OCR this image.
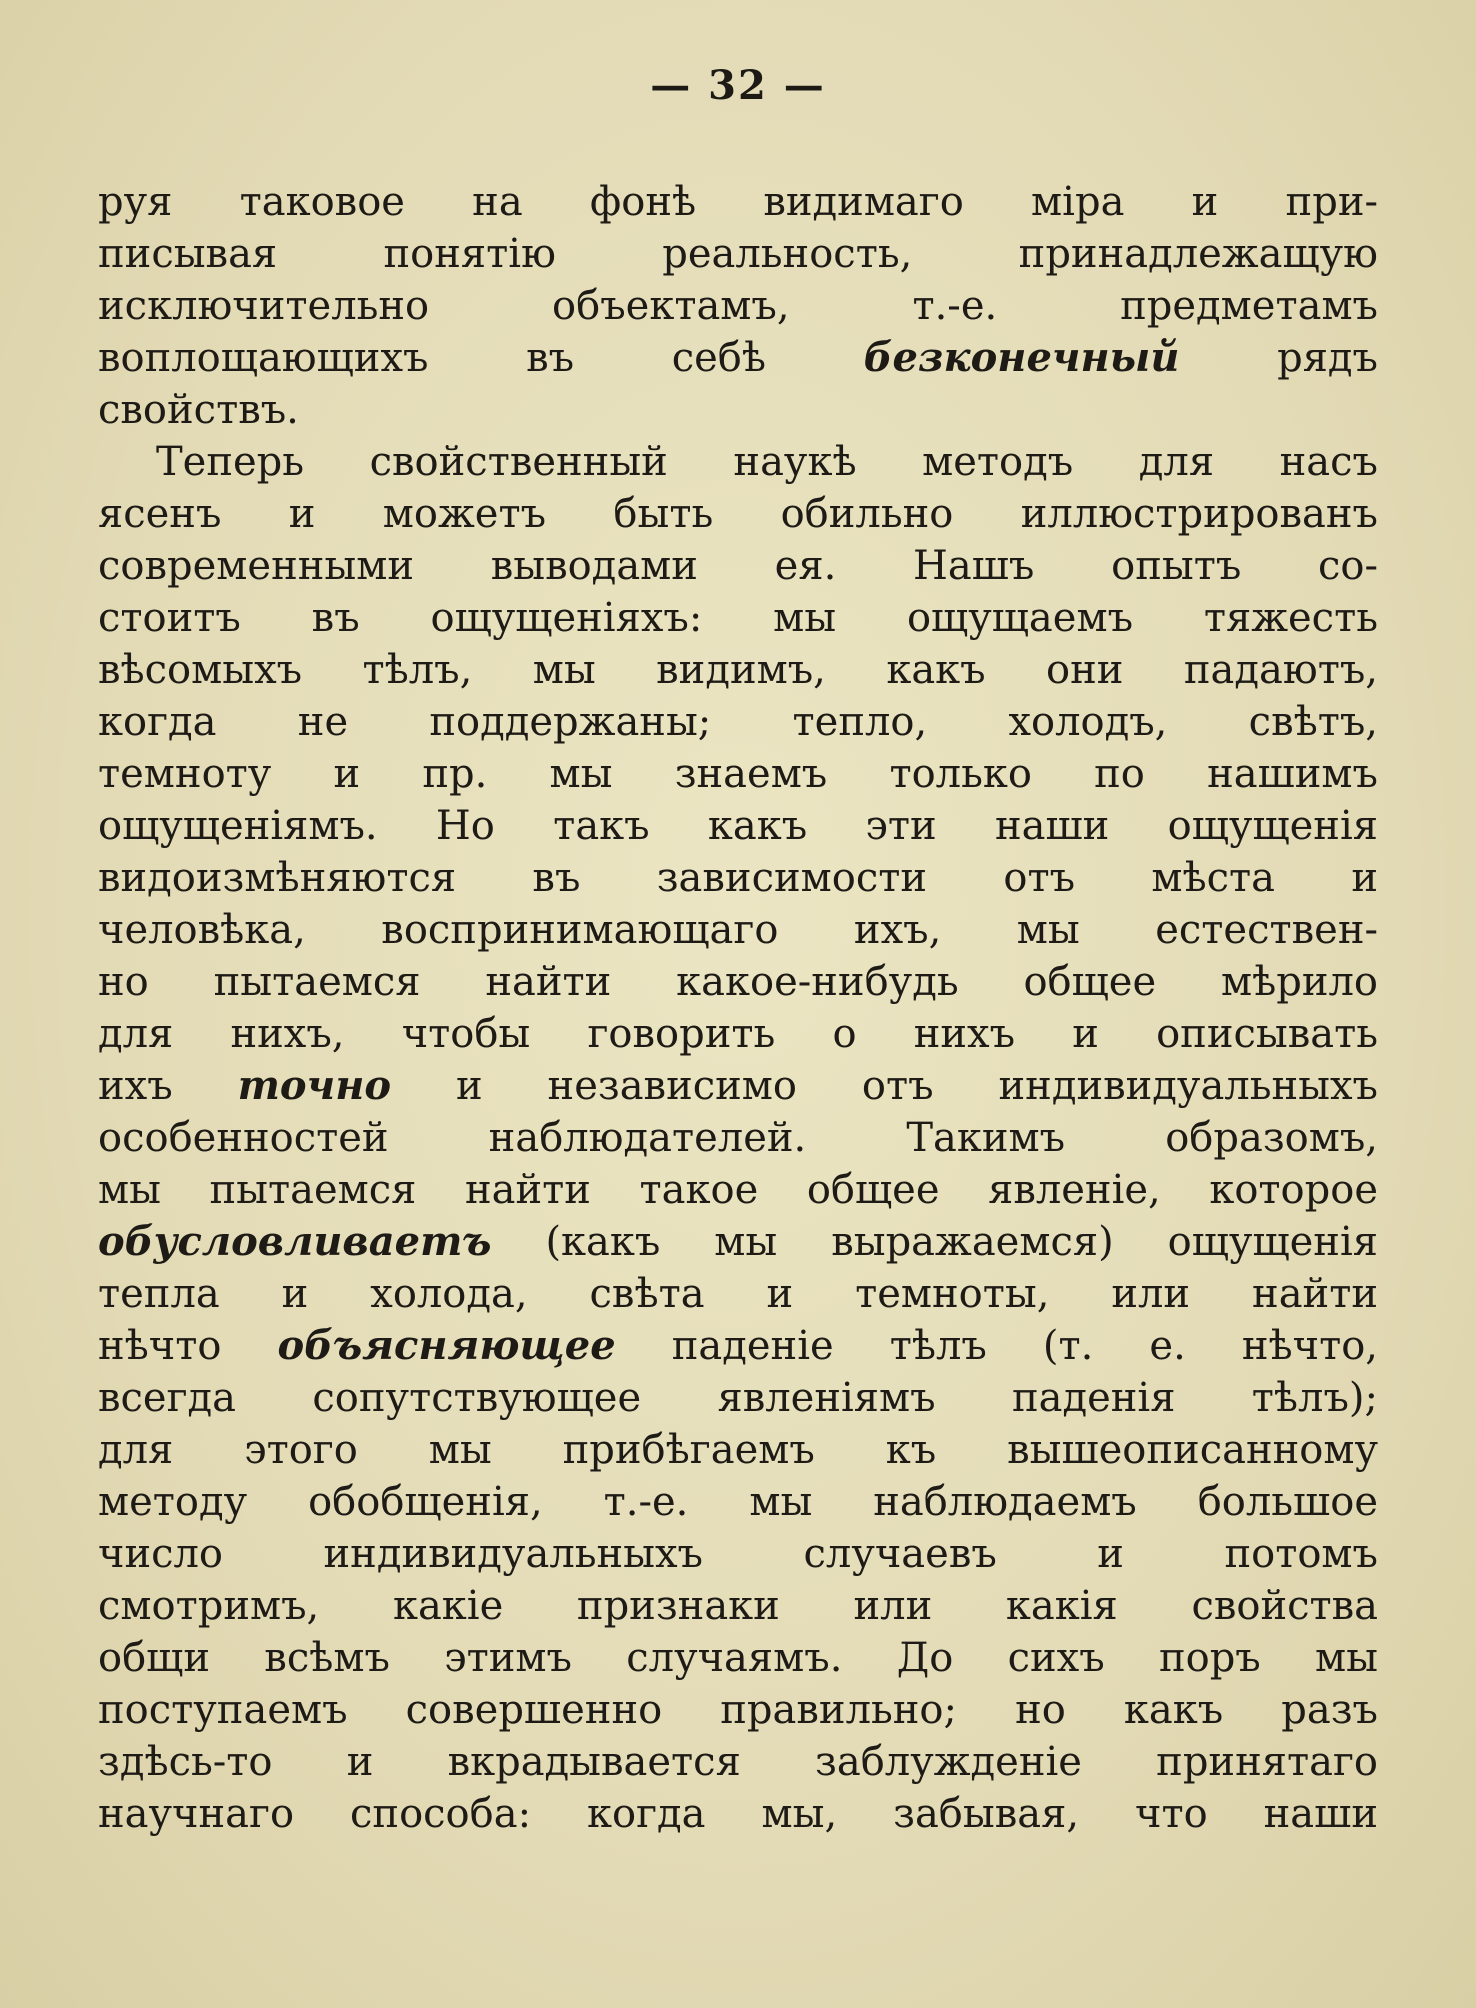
— 32 —
руя таковое на фонѣ видимаго міра и при-
писывая понятію реальность, принадлежащую
исключительно объектамъ, т.-е. предметамъ
воплощающихъ въ себѣ безконечный рядъ
свойствъ.
Теперь свойственный наукѣ методъ для насъ
ясенъ и можетъ быть обильно иллюстрированъ
современными выводами ея. Нашъ опытъ со-
стоитъ въ ощущеніяхъ: мы ощущаемъ тяжесть
вѣсомыхъ тѣлъ, мы видимъ, какъ они падаютъ,
когда не поддержаны; тепло, холодъ, свѣтъ,
темноту и пр. мы знаемъ только по нашимъ
ощущеніямъ. Но такъ какъ эти наши ощущенія
видоизмѣняются въ зависимости отъ мѣста и
человѣка, воспринимающаго ихъ, мы естествен-
но пытаемся найти какое-нибудь общее мѣрило
для нихъ, чтобы говорить о нихъ и описывать
ихъ точно и независимо отъ индивидуальныхъ
особенностей наблюдателей. Такимъ образомъ,
мы пытаемся найти такое общее явленіе, которое
обусловливаетъ (какъ мы выражаемся) ощущенія
тепла и холода, свѣта и темноты, или найти
нѣчто объясняющее паденіе тѣлъ (т. е. нѣчто,
всегда сопутствующее явленіямъ паденія тѣлъ);
для этого мы прибѣгаемъ къ вышеописанному
методу обобщенія, т.-е. мы наблюдаемъ большое
число индивидуальныхъ случаевъ и потомъ
смотримъ, какіе признаки или какія свойства
общи всѣмъ этимъ случаямъ. До сихъ поръ мы
поступаемъ совершенно правильно; но какъ разъ
здѣсь-то и вкрадывается заблужденіе принятаго
научнаго способа: когда мы, забывая, что наши
